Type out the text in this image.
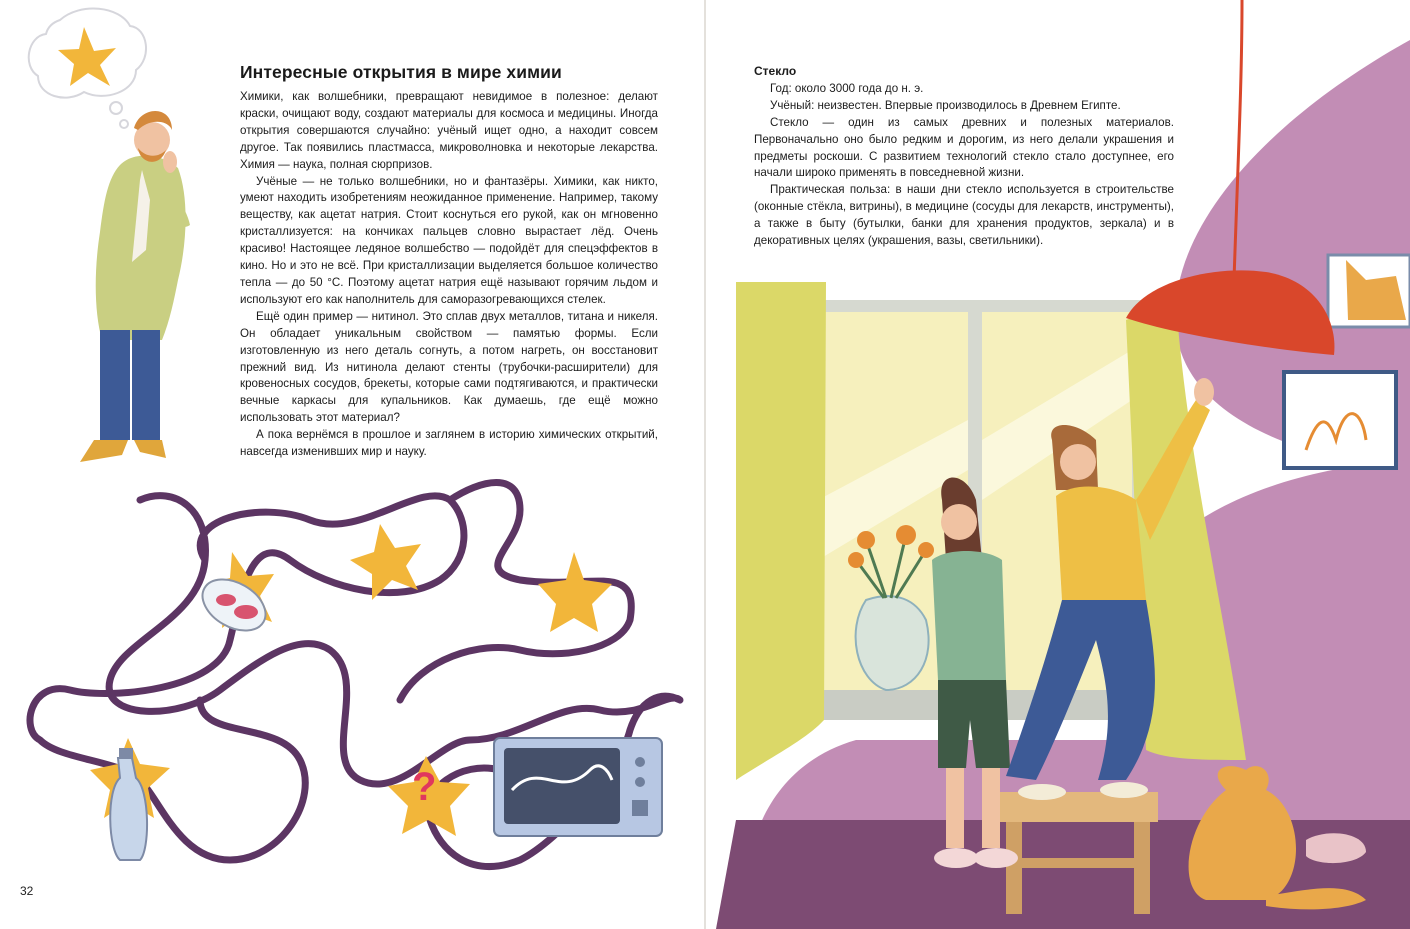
?
Интересные открытия в мире химии

Химики, как волшебники, превращают невидимое в полезное: делают краски, очищают воду, создают материалы для космоса и медицины. Иногда открытия совершаются случайно: учёный ищет одно, а находит совсем другое. Так появились пластмасса, микроволновка и некоторые лекарства. Химия — наука, полная сюрпризов.

Учёные — не только волшебники, но и фантазёры. Химики, как никто, умеют находить изобретениям неожиданное применение. Например, такому веществу, как ацетат натрия. Стоит коснуться его рукой, как он мгновенно кристаллизуется: на кончиках пальцев словно вырастает лёд. Очень красиво! Настоящее ледяное волшебство — подойдёт для спецэффектов в кино. Но и это не всё. При кристаллизации выделяется большое количество тепла — до 50 °С. Поэтому ацетат натрия ещё называют горячим льдом и используют его как наполнитель для саморазогревающихся стелек.

Ещё один пример — нитинол. Это сплав двух металлов, титана и никеля. Он обладает уникальным свойством — памятью формы. Если изготовленную из него деталь согнуть, а потом нагреть, он восстановит прежний вид. Из нитинола делают стенты (трубочки-расширители) для кровеносных сосудов, брекеты, которые сами подтягиваются, и практически вечные каркасы для купальников. Как думаешь, где ещё можно использовать этот материал?

А пока вернёмся в прошлое и заглянем в историю химических открытий, навсегда изменивших мир и науку.

32
Стекло

Год: около 3000 года до н. э.

Учёный: неизвестен. Впервые производилось в Древнем Египте.

Стекло — один из самых древних и полезных материалов. Первоначально оно было редким и дорогим, из него делали украшения и предметы роскоши. С развитием технологий стекло стало доступнее, его начали широко применять в повседневной жизни.

Практическая польза: в наши дни стекло используется в строительстве (оконные стёкла, витрины), в медицине (сосуды для лекарств, инструменты), а также в быту (бутылки, банки для хранения продуктов, зеркала) и в декоративных целях (украшения, вазы, светильники).
